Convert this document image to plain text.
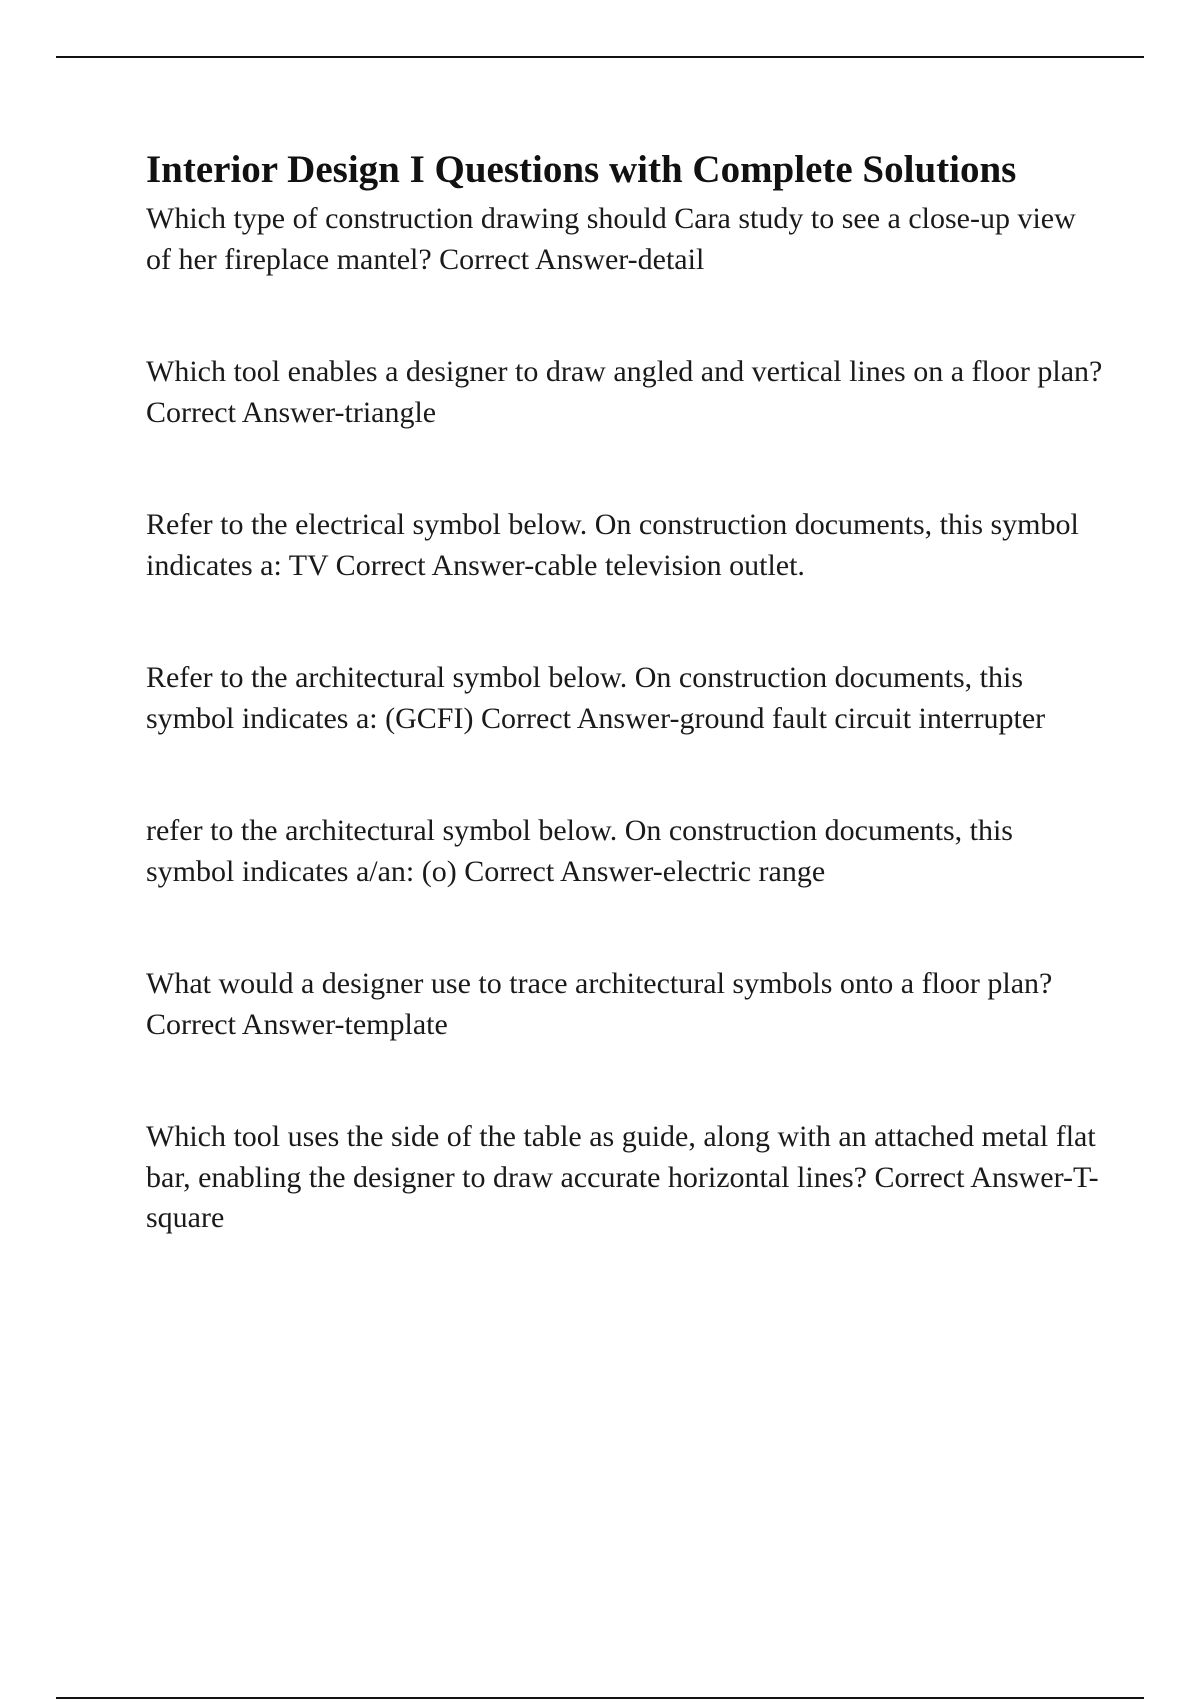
Interior Design I Questions with Complete Solutions
Which type of construction drawing should Cara study to see a close-up view of her fireplace mantel? Correct Answer-detail
Which tool enables a designer to draw angled and vertical lines on a floor plan? Correct Answer-triangle
Refer to the electrical symbol below. On construction documents, this symbol indicates a: TV Correct Answer-cable television outlet.
Refer to the architectural symbol below. On construction documents, this symbol indicates a: (GCFI) Correct Answer-ground fault circuit interrupter
refer to the architectural symbol below. On construction documents, this symbol indicates a/an: (o) Correct Answer-electric range
What would a designer use to trace architectural symbols onto a floor plan? Correct Answer-template
Which tool uses the side of the table as guide, along with an attached metal flat bar, enabling the designer to draw accurate horizontal lines? Correct Answer-T-square
